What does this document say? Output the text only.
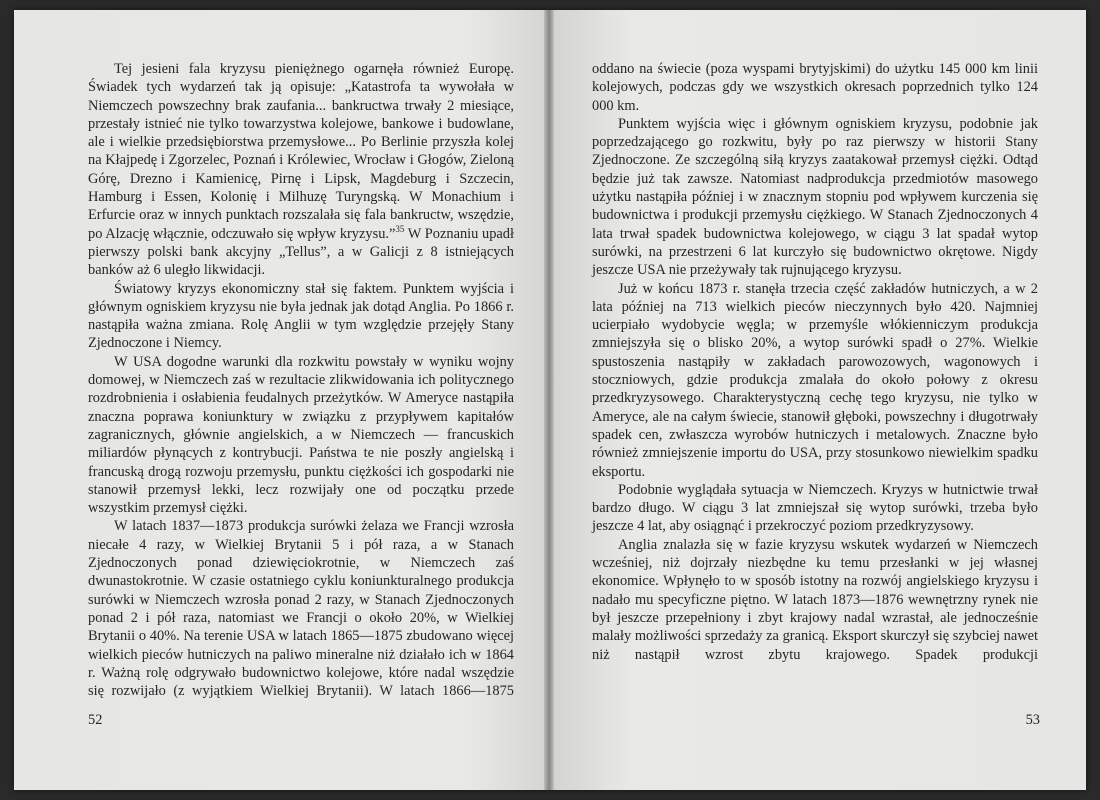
Tej jesieni fala kryzysu pieniężnego ogarnęła również Europę. Świadek tych wydarzeń tak ją opisuje: „Katastrofa ta wywołała w Niemczech powszechny brak zaufania... bankructwa trwały 2 miesiące, przestały istnieć nie tylko towarzystwa kolejowe, bankowe i budowlane, ale i wielkie przedsiębiorstwa przemysłowe... Po Berlinie przyszła kolej na Kłajpedę i Zgorzelec, Poznań i Królewiec, Wrocław i Głogów, Zieloną Górę, Drezno i Kamienicę, Pirnę i Lipsk, Magdeburg i Szczecin, Hamburg i Essen, Kolonię i Milhuzę Turyngską. W Monachium i Erfurcie oraz w innych punktach rozszalała się fala bankructw, wszędzie, po Alzację włącznie, odczuwało się wpływ kryzysu.”$^{35}$ W Poznaniu upadł pierwszy polski bank akcyjny „Tellus”, a w Galicji z 8 istniejących banków aż 6 uległo likwidacji.

Światowy kryzys ekonomiczny stał się faktem. Punktem wyjścia i głównym ogniskiem kryzysu nie była jednak jak dotąd Anglia. Po 1866 r. nastąpiła ważna zmiana. Rolę Anglii w tym względzie przejęły Stany Zjednoczone i Niemcy.

W USA dogodne warunki dla rozkwitu powstały w wyniku wojny domowej, w Niemczech zaś w rezultacie zlikwidowania ich politycznego rozdrobnienia i osłabienia feudalnych przeżytków. W Ameryce nastąpiła znaczna poprawa koniunktury w związku z przypływem kapitałów zagranicznych, głównie angielskich, a w Niemczech — francuskich miliardów płynących z kontrybucji. Państwa te nie poszły angielską i francuską drogą rozwoju przemysłu, punktu ciężkości ich gospodarki nie stanowił przemysł lekki, lecz rozwijały one od początku przede wszystkim przemysł ciężki.

W latach 1837—1873 produkcja surówki żelaza we Francji wzrosła niecałe 4 razy, w Wielkiej Brytanii 5 i pół raza, a w Stanach Zjednoczonych ponad dziewięciokrotnie, w Niemczech zaś dwunastokrotnie. W czasie ostatniego cyklu koniunkturalnego produkcja surówki w Niemczech wzrosła ponad 2 razy, w Stanach Zjednoczonych ponad 2 i pół raza, natomiast we Francji o około 20%, w Wielkiej Brytanii o 40%. Na terenie USA w latach 1865—1875 zbudowano więcej wielkich pieców hutniczych na paliwo mineralne niż działało ich w 1864 r. Ważną rolę odgrywało budownictwo kolejowe, które nadal wszędzie się rozwijało (z wyjątkiem Wielkiej Brytanii). W latach 1866—1875

52

oddano na świecie (poza wyspami brytyjskimi) do użytku 145 000 km linii kolejowych, podczas gdy we wszystkich okresach poprzednich tylko 124 000 km.

Punktem wyjścia więc i głównym ogniskiem kryzysu, podobnie jak poprzedzającego go rozkwitu, były po raz pierwszy w historii Stany Zjednoczone. Ze szczególną siłą kryzys zaatakował przemysł ciężki. Odtąd będzie już tak zawsze. Natomiast nadprodukcja przedmiotów masowego użytku nastąpiła później i w znacznym stopniu pod wpływem kurczenia się budownictwa i produkcji przemysłu ciężkiego. W Stanach Zjednoczonych 4 lata trwał spadek budownictwa kolejowego, w ciągu 3 lat spadał wytop surówki, na przestrzeni 6 lat kurczyło się budownictwo okrętowe. Nigdy jeszcze USA nie przeżywały tak rujnującego kryzysu.

Już w końcu 1873 r. stanęła trzecia część zakładów hutniczych, a w 2 lata później na 713 wielkich pieców nieczynnych było 420. Najmniej ucierpiało wydobycie węgla; w przemyśle włókienniczym produkcja zmniejszyła się o blisko 20%, a wytop surówki spadł o 27%. Wielkie spustoszenia nastąpiły w zakładach parowozowych, wagonowych i stoczniowych, gdzie produkcja zmalała do około połowy z okresu przedkryzysowego. Charakterystyczną cechę tego kryzysu, nie tylko w Ameryce, ale na całym świecie, stanowił głęboki, powszechny i długotrwały spadek cen, zwłaszcza wyrobów hutniczych i metalowych. Znaczne było również zmniejszenie importu do USA, przy stosunkowo niewielkim spadku eksportu.

Podobnie wyglądała sytuacja w Niemczech. Kryzys w hutnictwie trwał bardzo długo. W ciągu 3 lat zmniejszał się wytop surówki, trzeba było jeszcze 4 lat, aby osiągnąć i przekroczyć poziom przedkryzysowy.

Anglia znalazła się w fazie kryzysu wskutek wydarzeń w Niemczech wcześniej, niż dojrzały niezbędne ku temu przesłanki w jej własnej ekonomice. Wpłynęło to w sposób istotny na rozwój angielskiego kryzysu i nadało mu specyficzne piętno. W latach 1873—1876 wewnętrzny rynek nie był jeszcze przepełniony i zbyt krajowy nadal wzrastał, ale jednocześnie malały możliwości sprzedaży za granicą. Eksport skurczył się szybciej nawet niż nastąpił wzrost zbytu krajowego. Spadek produkcji

53
